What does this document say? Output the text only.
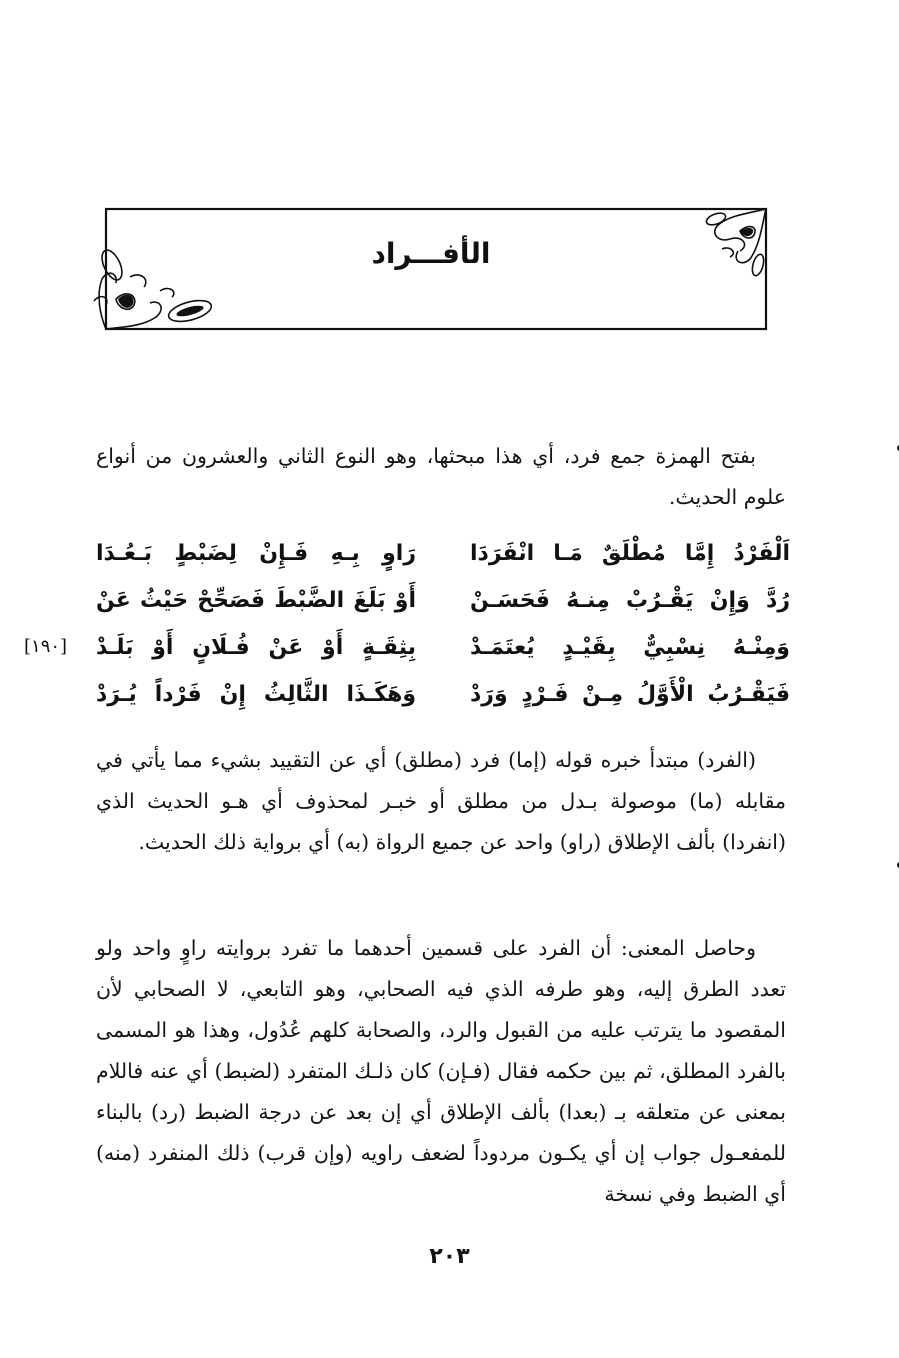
الأفـــراد

بفتح الهمزة جمع فرد، أي هذا مبحثها، وهو النوع الثاني والعشرون من أنواع علوم الحديث.

اَلْفَرْدُ إِمَّا مُطْلَقٌ مَـا انْفَرَدَا
رَاوٍ بِـهِ فَـإِنْ لِضَبْطٍ بَـعُـدَا
رُدَّ وَإِنْ يَقْـرُبْ مِنـهُ فَحَسَـنْ
أَوْ بَلَغَ الضَّبْطَ فَصَحِّحْ حَيْثُ عَنْ
وَمِنْـهُ نِسْبِيٌّ بِقَيْـدٍ يُعتَمَـدْ
بِثِقَـةٍ أَوْ عَنْ فُـلَانٍ أَوْ بَلَـدْ
فَيَقْـرُبُ الْأَوَّلُ مِـنْ فَـرْدٍ وَرَدْ
وَهَكَـذَا الثَّالِثُ إِنْ فَرْداً يُـرَدْ
[١٩٠]

(الفرد) مبتدأ خبره قوله (إما) فرد (مطلق) أي عن التقييد بشيء مما يأتي في مقابله (ما) موصولة بـدل من مطلق أو خبـر لمحذوف أي هـو الحديث الذي (انفردا) بألف الإطلاق (راو) واحد عن جميع الرواة (به) أي برواية ذلك الحديث.

وحاصل المعنى: أن الفرد على قسمين أحدهما ما تفرد بروايته راوٍ واحد ولو تعدد الطرق إليه، وهو طرفه الذي فيه الصحابي، وهو التابعي، لا الصحابي لأن المقصود ما يترتب عليه من القبول والرد، والصحابة كلهم عُدُول، وهذا هو المسمى بالفرد المطلق، ثم بين حكمه فقال (فـإن) كان ذلـك المتفرد (لضبط) أي عنه فاللام بمعنى عن متعلقه بـ (بعدا) بألف الإطلاق أي إن بعد عن درجة الضبط (رد) بالبناء للمفعـول جواب إن أي يكـون مردوداً لضعف راويه (وإن قرب) ذلك المنفرد (منه) أي الضبط وفي نسخة

٢٠٣
